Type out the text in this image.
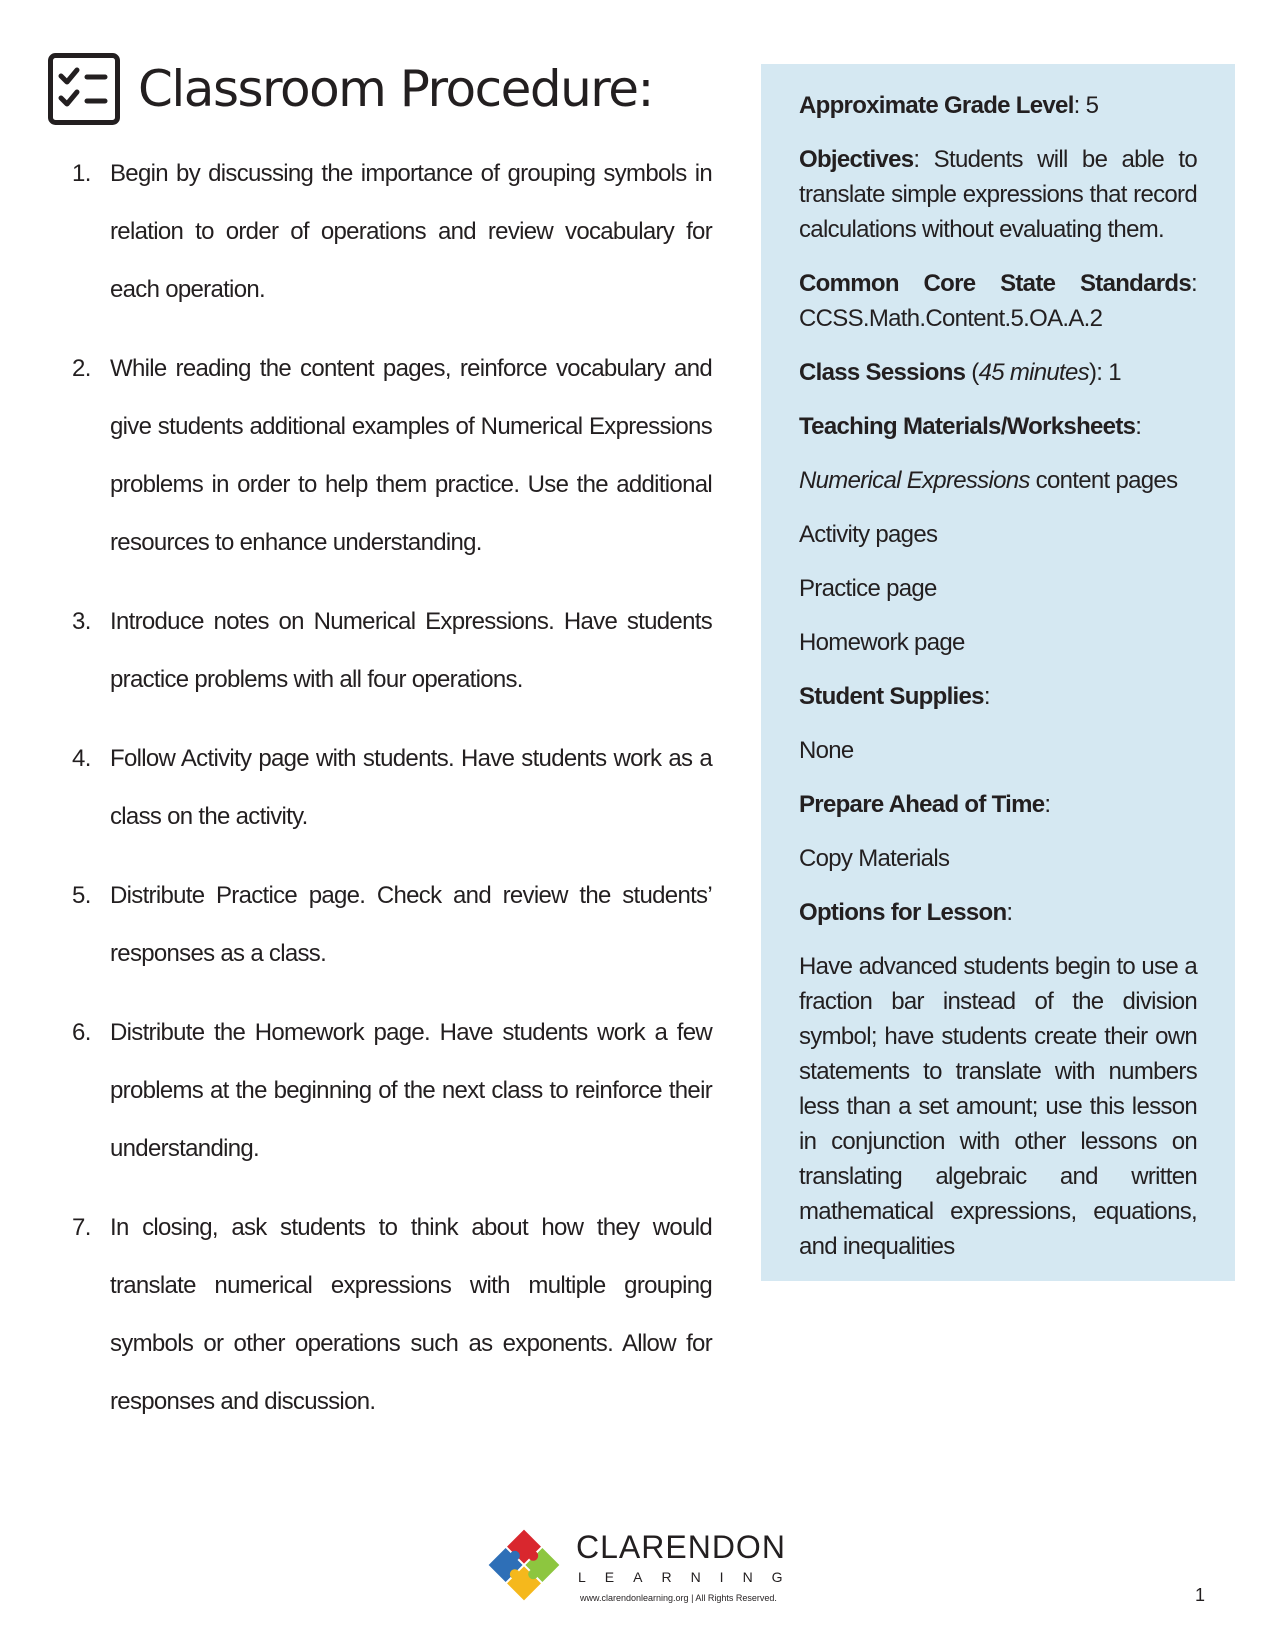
Classroom Procedure:
1. Begin by discussing the importance of grouping symbols in relation to order of operations and review vocabulary for each operation.
2. While reading the content pages, reinforce vocabulary and give students additional examples of Numerical Expressions problems in order to help them practice. Use the additional resources to enhance understanding.
3. Introduce notes on Numerical Expressions. Have students practice problems with all four operations.
4. Follow Activity page with students. Have students work as a class on the activity.
5. Distribute Practice page. Check and review the students’ responses as a class.
6. Distribute the Homework page. Have students work a few problems at the beginning of the next class to reinforce their understanding.
7. In closing, ask students to think about how they would translate numerical expressions with multiple grouping symbols or other operations such as exponents. Allow for responses and discussion.

Approximate Grade Level: 5

Objectives: Students will be able to translate simple expressions that record calculations without evaluating them.

Common Core State Standards: CCSS.Math.Content.5.OA.A.2

Class Sessions (45 minutes): 1

Teaching Materials/Worksheets:

Numerical Expressions content pages

Activity pages

Practice page

Homework page

Student Supplies:

None

Prepare Ahead of Time:

Copy Materials

Options for Lesson:

Have advanced students begin to use a fraction bar instead of the division symbol; have students create their own statements to translate with numbers less than a set amount; use this lesson in conjunction with other lessons on translating algebraic and written mathematical expressions, equations, and inequalities

CLARENDON
LEARNING
www.clarendonlearning.org | All Rights Reserved.	1
